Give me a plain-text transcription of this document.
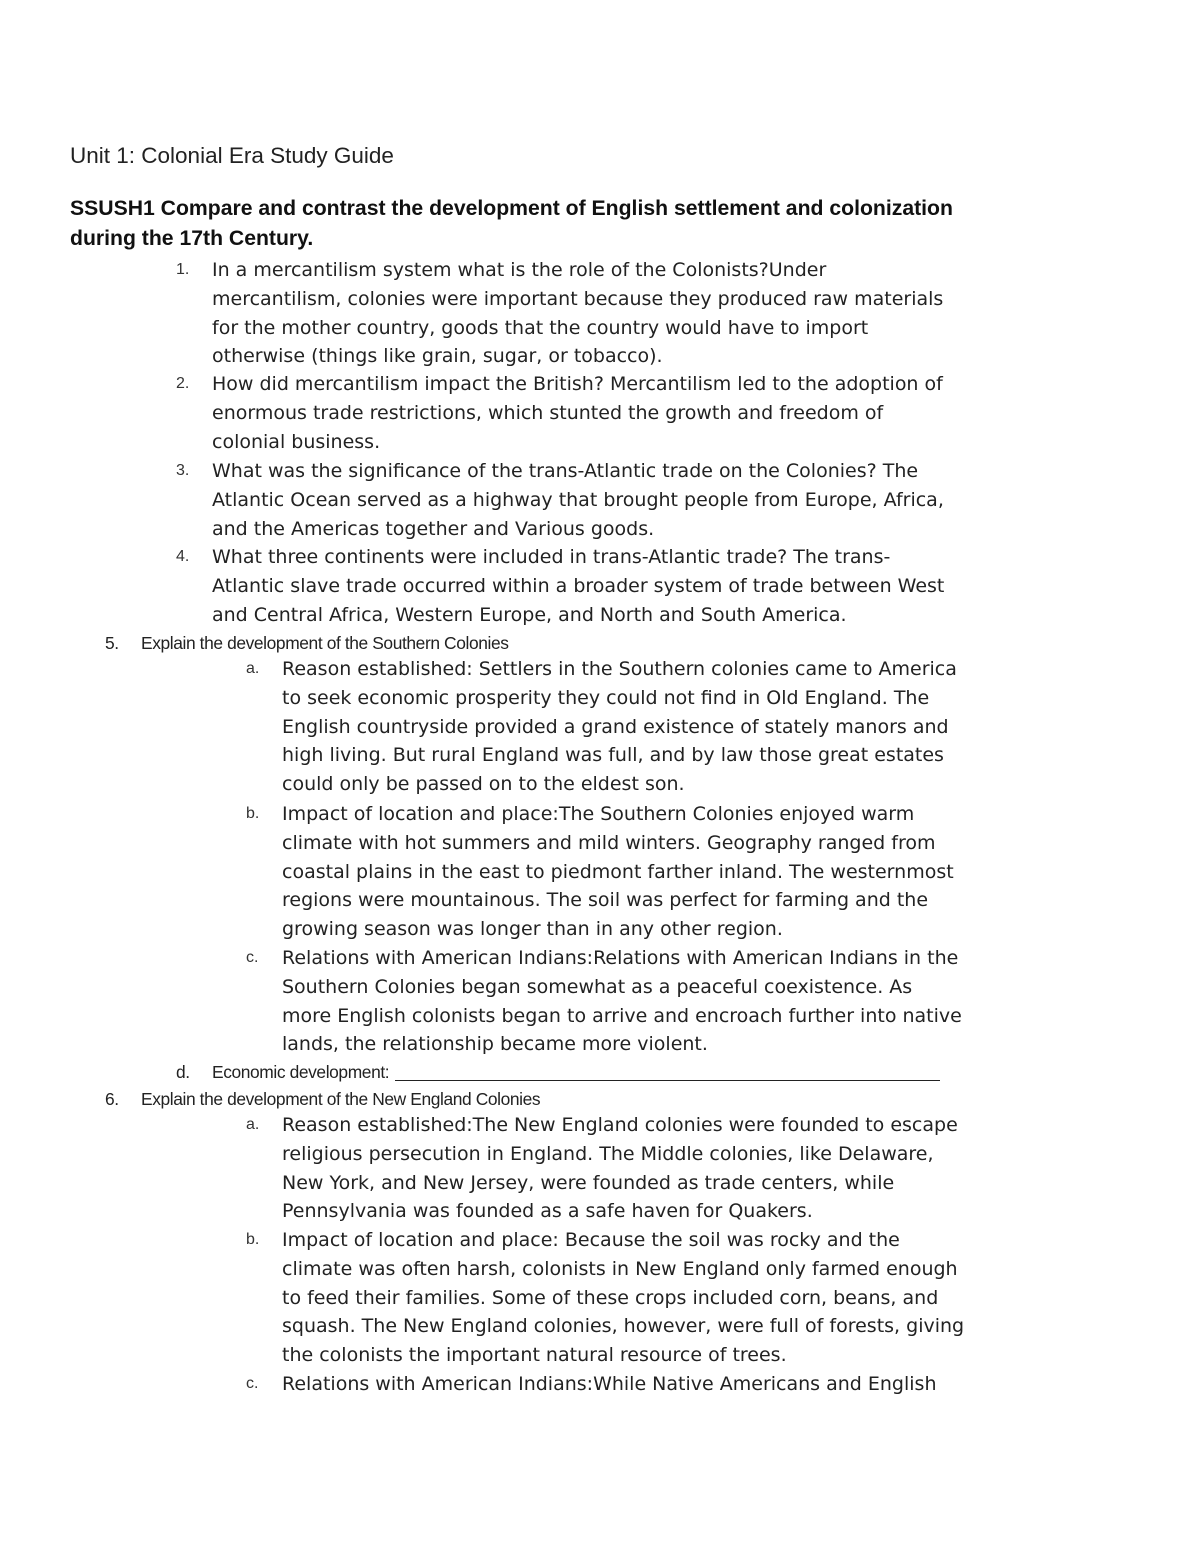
Unit 1: Colonial Era Study Guide
SSUSH1 Compare and contrast the development of English settlement and colonization
during the 17th Century.
1. In a mercantilism system what is the role of the Colonists?Under
mercantilism, colonies were important because they produced raw materials
for the mother country, goods that the country would have to import
otherwise (things like grain, sugar, or tobacco).
2. How did mercantilism impact the British? Mercantilism led to the adoption of
enormous trade restrictions, which stunted the growth and freedom of
colonial business.
3. What was the significance of the trans-Atlantic trade on the Colonies? The
Atlantic Ocean served as a highway that brought people from Europe, Africa,
and the Americas together and Various goods.
4. What three continents were included in trans-Atlantic trade? The trans-
Atlantic slave trade occurred within a broader system of trade between West
and Central Africa, Western Europe, and North and South America.
5. Explain the development of the Southern Colonies
a. Reason established: Settlers in the Southern colonies came to America
to seek economic prosperity they could not find in Old England. The
English countryside provided a grand existence of stately manors and
high living. But rural England was full, and by law those great estates
could only be passed on to the eldest son.
b. Impact of location and place:The Southern Colonies enjoyed warm
climate with hot summers and mild winters. Geography ranged from
coastal plains in the east to piedmont farther inland. The westernmost
regions were mountainous. The soil was perfect for farming and the
growing season was longer than in any other region.
c. Relations with American Indians:Relations with American Indians in the
Southern Colonies began somewhat as a peaceful coexistence. As
more English colonists began to arrive and encroach further into native
lands, the relationship became more violent.
d. Economic development:
6. Explain the development of the New England Colonies
a. Reason established:The New England colonies were founded to escape
religious persecution in England. The Middle colonies, like Delaware,
New York, and New Jersey, were founded as trade centers, while
Pennsylvania was founded as a safe haven for Quakers.
b. Impact of location and place: Because the soil was rocky and the
climate was often harsh, colonists in New England only farmed enough
to feed their families. Some of these crops included corn, beans, and
squash. The New England colonies, however, were full of forests, giving
the colonists the important natural resource of trees.
c. Relations with American Indians:While Native Americans and English
